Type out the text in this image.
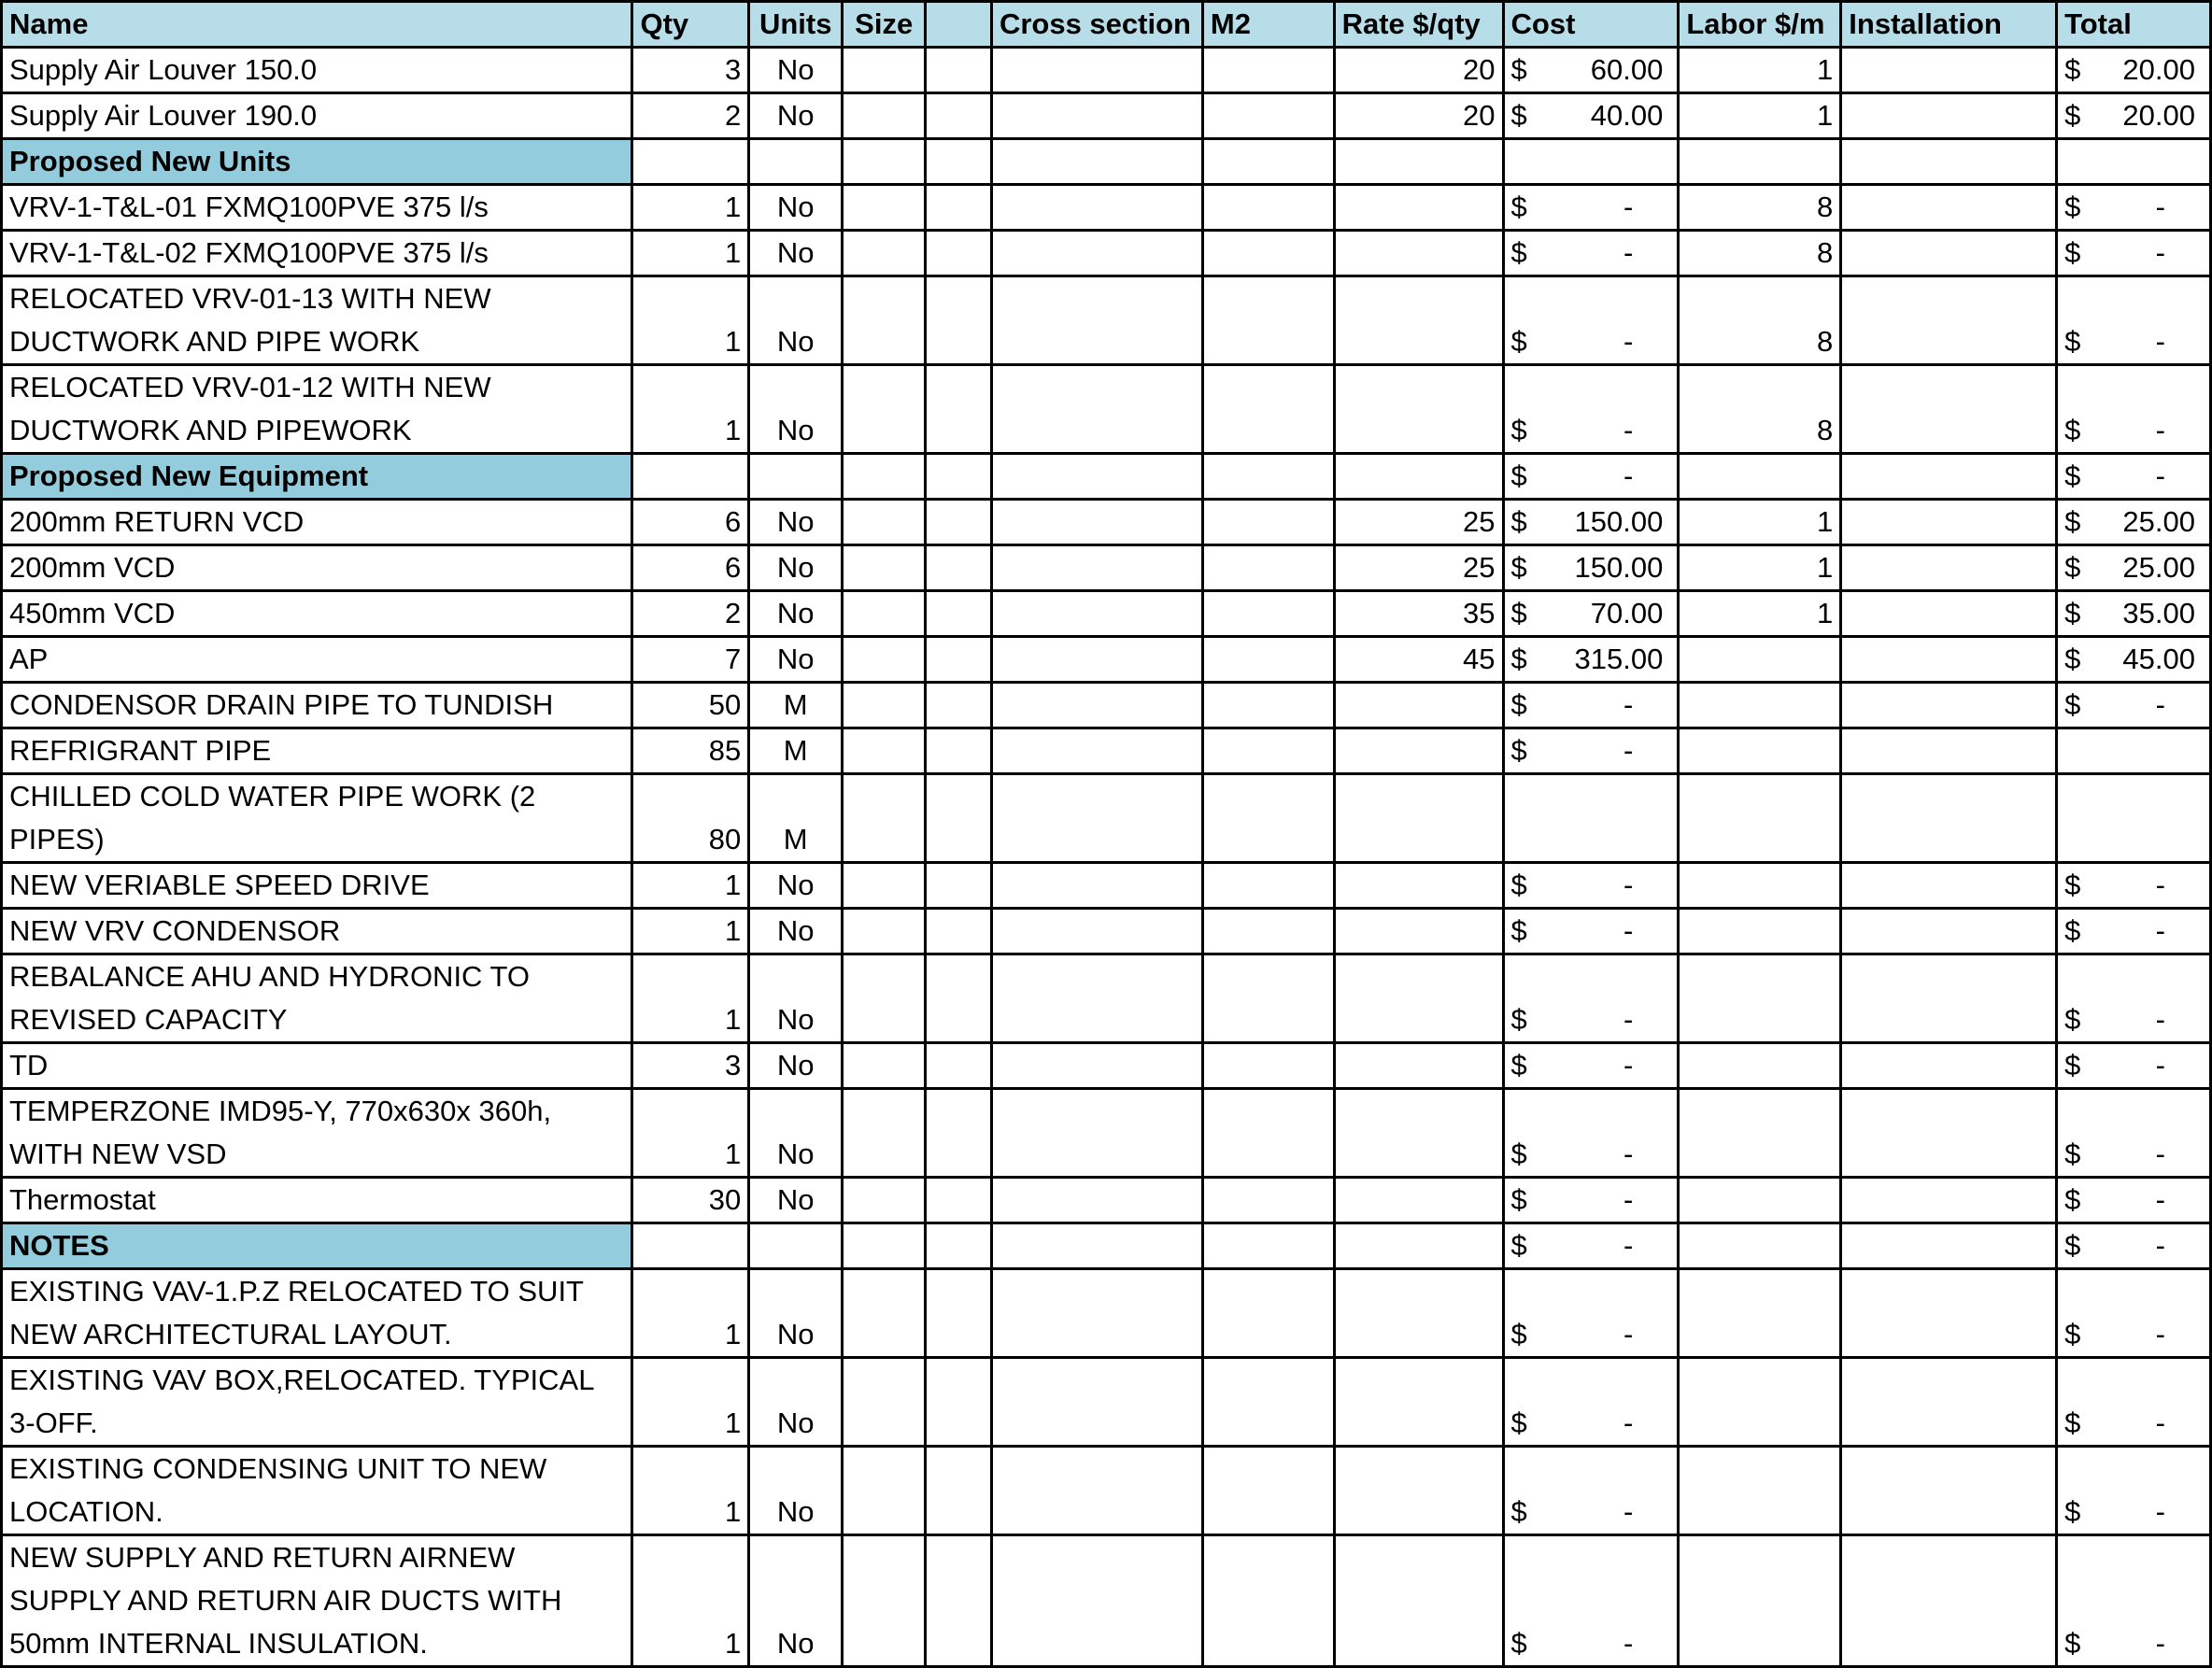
Name	Qty	Units	Size		Cross section	M2	Rate $/qty	Cost	Labor $/m	Installation	Total
Supply Air Louver 150.0	3	No					20	$ 60.00	1		$ 20.00

Supply Air Louver 190.0	2	No					20	$ 40.00	1		$ 20.00

Proposed New Units											
VRV-1-T&L-01 FXMQ100PVE 375 l/s	1	No						$ -	8		$ -

VRV-1-T&L-02 FXMQ100PVE 375 l/s	1	No						$ -	8		$ -

RELOCATED VRV-01-13 WITH NEW DUCTWORK AND PIPE WORK	1	No						$ -	8		$ -

RELOCATED VRV-01-12 WITH NEW DUCTWORK AND PIPEWORK	1	No						$ -	8		$ -

Proposed New Equipment								$ -			$ -

200mm RETURN VCD	6	No					25	$ 150.00	1		$ 25.00

200mm VCD	6	No					25	$ 150.00	1		$ 25.00

450mm VCD	2	No					35	$ 70.00	1		$ 35.00

AP	7	No					45	$ 315.00			$ 45.00

CONDENSOR DRAIN PIPE TO TUNDISH	50	M						$ -			$ -

REFRIGRANT PIPE	85	M						$ -			

CHILLED COLD WATER PIPE WORK (2 PIPES)	80	M									
NEW VERIABLE SPEED DRIVE	1	No						$ -			$ -

NEW VRV CONDENSOR	1	No						$ -			$ -

REBALANCE AHU AND HYDRONIC TO REVISED CAPACITY	1	No						$ -			$ -

TD	3	No						$ -			$ -

TEMPERZONE IMD95-Y, 770x630x 360h, WITH NEW VSD	1	No						$ -			$ -

Thermostat	30	No						$ -			$ -

NOTES								$ -			$ -

EXISTING VAV-1.P.Z RELOCATED TO SUIT NEW ARCHITECTURAL LAYOUT.	1	No						$ -			$ -

EXISTING VAV BOX,RELOCATED. TYPICAL 3-OFF.	1	No						$ -			$ -

EXISTING CONDENSING UNIT TO NEW LOCATION.	1	No						$ -			$ -

NEW SUPPLY AND RETURN AIRNEW SUPPLY AND RETURN AIR DUCTS WITH 50mm INTERNAL INSULATION.	1	No						$ -			$ -
